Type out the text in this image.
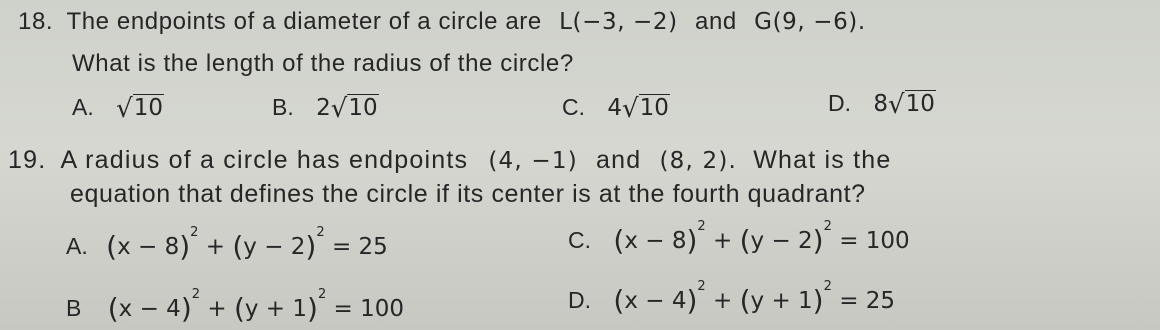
18. The endpoints of a diameter of a circle are L(−3, −2) and G(9, −6).
What is the length of the radius of the circle?
A. √10	B. 2√10	C. 4√10	D. 8√10
19. A radius of a circle has endpoints (4, −1) and (8, 2). What is the
equation that defines the circle if its center is at the fourth quadrant?
A. $(x - 8)^2 + (y - 2)^2 = 25$	C. $(x - 8)^2 + (y - 2)^2 = 100$
B $(x - 4)^2 + (y + 1)^2 = 100$	D. $(x - 4)^2 + (y + 1)^2 = 25$
